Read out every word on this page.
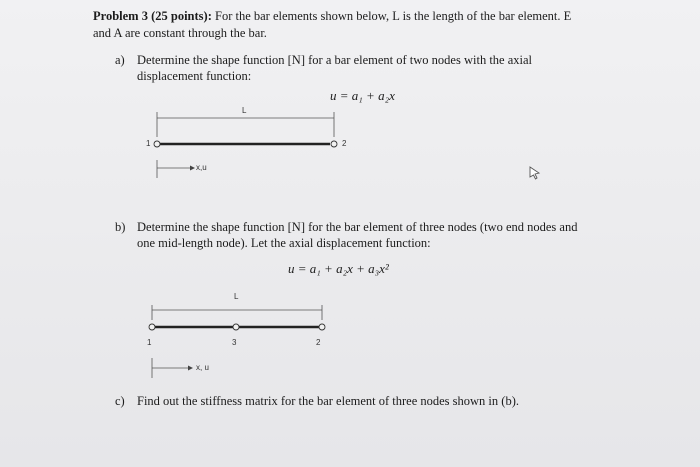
Problem 3 (25 points): For the bar elements shown below, L is the length of the bar element. E
and A are constant through the bar.
a) Determine the shape function [N] for a bar element of two nodes with the axial
displacement function:
u = a₁ + a₂x
L
1	2
x,u
b) Determine the shape function [N] for the bar element of three nodes (two end nodes and
one mid-length node). Let the axial displacement function:
u = a₁ + a₂x + a₃x²
L
1	3	2
x, u
c) Find out the stiffness matrix for the bar element of three nodes shown in (b).
